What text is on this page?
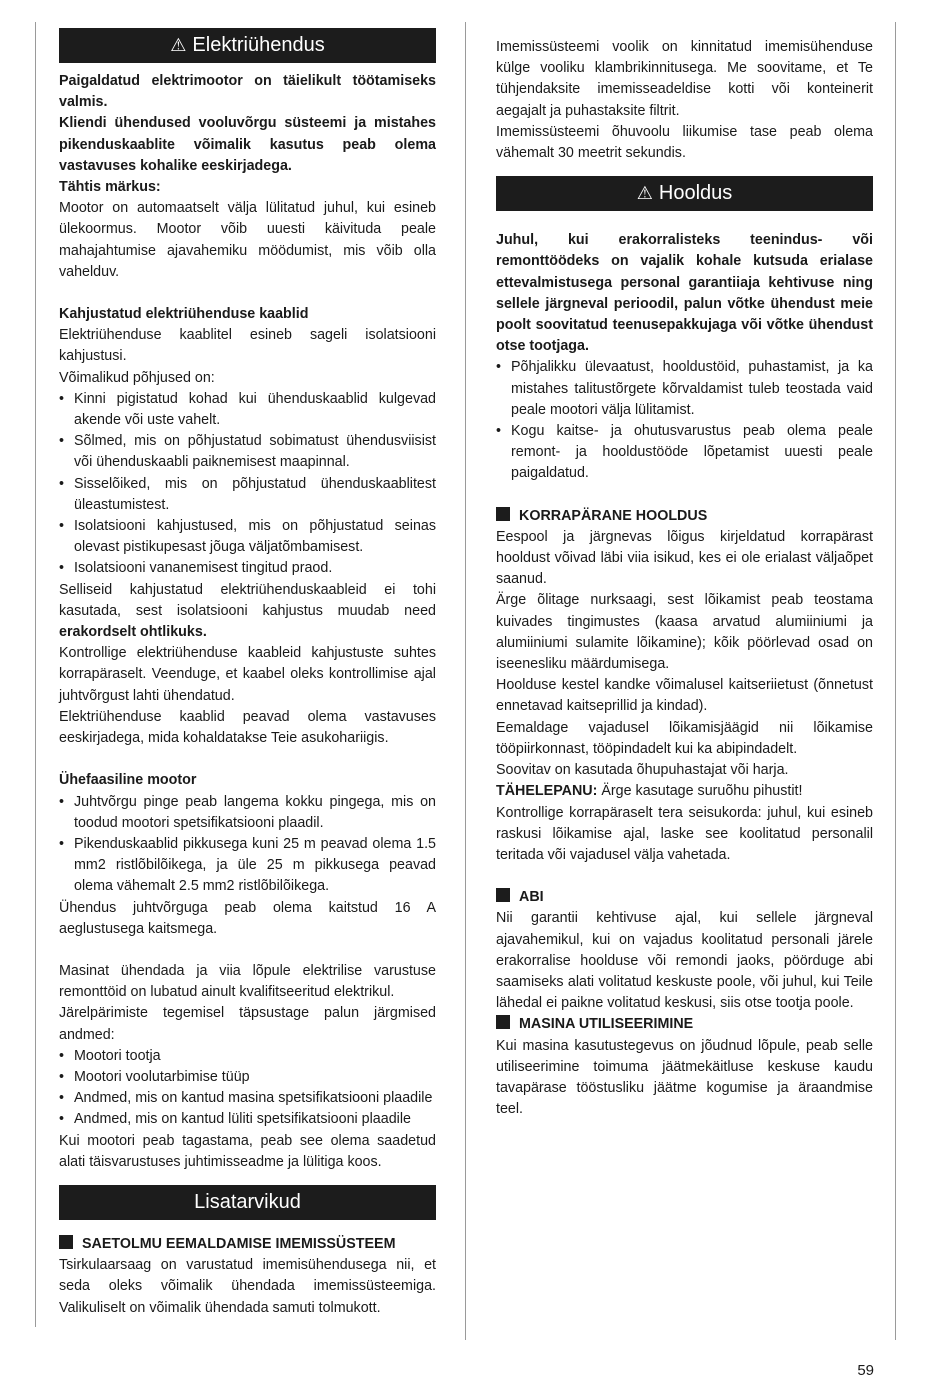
⚠ Elektriühendus

Paigaldatud elektrimootor on täielikult töötamiseks valmis.

Kliendi ühendused vooluvõrgu süsteemi ja mistahes pikenduskaablite võimalik kasutus peab olema vastavuses kohalike eeskirjadega.

Tähtis märkus:

Mootor on automaatselt välja lülitatud juhul, kui esineb ülekoormus. Mootor võib uuesti käivituda peale mahajahtumise ajavahemiku möödumist, mis võib olla vahelduv.

Kahjustatud elektriühenduse kaablid

Elektriühenduse kaablitel esineb sageli isolatsiooni kahjustusi.

Võimalikud põhjused on:

• Kinni pigistatud kohad kui ühenduskaablid kulgevad akende või uste vahelt.
• Sõlmed, mis on põhjustatud sobimatust ühendusviisist või ühenduskaabli paiknemisest maapinnal.
• Sisselõiked, mis on põhjustatud ühenduskaablitest üleastumistest.
• Isolatsiooni kahjustused, mis on põhjustatud seinas olevast pistikupesast jõuga väljatõmbamisest.
• Isolatsiooni vananemisest tingitud praod.

Selliseid kahjustatud elektriühenduskaableid ei tohi kasutada, sest isolatsiooni kahjustus muudab need erakordselt ohtlikuks.

Kontrollige elektriühenduse kaableid kahjustuste suhtes korrapäraselt. Veenduge, et kaabel oleks kontrollimise ajal juhtvõrgust lahti ühendatud.

Elektriühenduse kaablid peavad olema vastavuses eeskirjadega, mida kohaldatakse Teie asukohariigis.

Ühefaasiline mootor

• Juhtvõrgu pinge peab langema kokku pingega, mis on toodud mootori spetsifikatsiooni plaadil.
• Pikenduskaablid pikkusega kuni 25 m peavad olema 1.5 mm2 ristlõbilõikega, ja üle 25 m pikkusega peavad olema vähemalt 2.5 mm2 ristlõbilõikega.

Ühendus juhtvõrguga peab olema kaitstud 16 A aeglustusega kaitsmega.

Masinat ühendada ja viia lõpule elektrilise varustuse remonttöid on lubatud ainult kvalifitseeritud elektrikul.

Järelpärimiste tegemisel täpsustage palun järgmised andmed:

• Mootori tootja
• Mootori voolutarbimise tüüp
• Andmed, mis on kantud masina spetsifikatsiooni plaadile
• Andmed, mis on kantud lüliti spetsifikatsiooni plaadile

Kui mootori peab tagastama, peab see olema saadetud alati täisvarustuses juhtimisseadme ja lülitiga koos.

Lisatarvikud

SAETOLMU EEMALDAMISE IMEMISSÜSTEEM

Tsirkulaarsaag on varustatud imemisühendusega nii, et seda oleks võimalik ühendada imemissüsteemiga. Valikuliselt on võimalik ühendada samuti tolmukott.

Imemissüsteemi voolik on kinnitatud imemisühenduse külge vooliku klambrikinnitusega. Me soovitame, et Te tühjendaksite imemisseadeldise kotti või konteinerit aegajalt ja puhastaksite filtrit.

Imemissüsteemi õhuvoolu liikumise tase peab olema vähemalt 30 meetrit sekundis.

⚠ Hooldus

Juhul, kui erakorralisteks teenindus- või remonttöödeks on vajalik kohale kutsuda erialase ettevalmistusega personal garantiiaja kehtivuse ning sellele järgneval perioodil, palun võtke ühendust meie poolt soovitatud teenusepakkujaga või võtke ühendust otse tootjaga.

• Põhjalikku ülevaatust, hooldustöid, puhastamist, ja ka mistahes talitustõrgete kõrvaldamist tuleb teostada vaid peale mootori välja lülitamist.
• Kogu kaitse- ja ohutusvarustus peab olema peale remont- ja hooldustööde lõpetamist uuesti peale paigaldatud.

KORRAPÄRANE HOOLDUS

Eespool ja järgnevas lõigus kirjeldatud korrapärast hooldust võivad läbi viia isikud, kes ei ole erialast väljaõpet saanud.

Ärge õlitage nurksaagi, sest lõikamist peab teostama kuivades tingimustes (kaasa arvatud alumiiniumi ja alumiiniumi sulamite lõikamine); kõik pöörlevad osad on iseenesliku määrdumisega.

Hoolduse kestel kandke võimalusel kaitseriietust (õnnetust ennetavad kaitseprillid ja kindad).

Eemaldage vajadusel lõikamisjäägid nii lõikamise tööpiirkonnast, tööpindadelt kui ka abipindadelt.

Soovitav on kasutada õhupuhastajat või harja.

TÄHELEPANU: Ärge kasutage suruõhu pihustit!

Kontrollige korrapäraselt tera seisukorda: juhul, kui esineb raskusi lõikamise ajal, laske see koolitatud personalil teritada või vajadusel välja vahetada.

ABI

Nii garantii kehtivuse ajal, kui sellele järgneval ajavahemikul, kui on vajadus koolitatud personali järele erakorralise hoolduse või remondi jaoks, pöörduge abi saamiseks alati volitatud keskuste poole, või juhul, kui Teile lähedal ei paikne volitatud keskusi, siis otse tootja poole.

MASINA UTILISEERIMINE

Kui masina kasutustegevus on jõudnud lõpule, peab selle utiliseerimine toimuma jäätmekäitluse keskuse kaudu tavapärase tööstusliku jäätme kogumise ja äraandmise teel.

59
